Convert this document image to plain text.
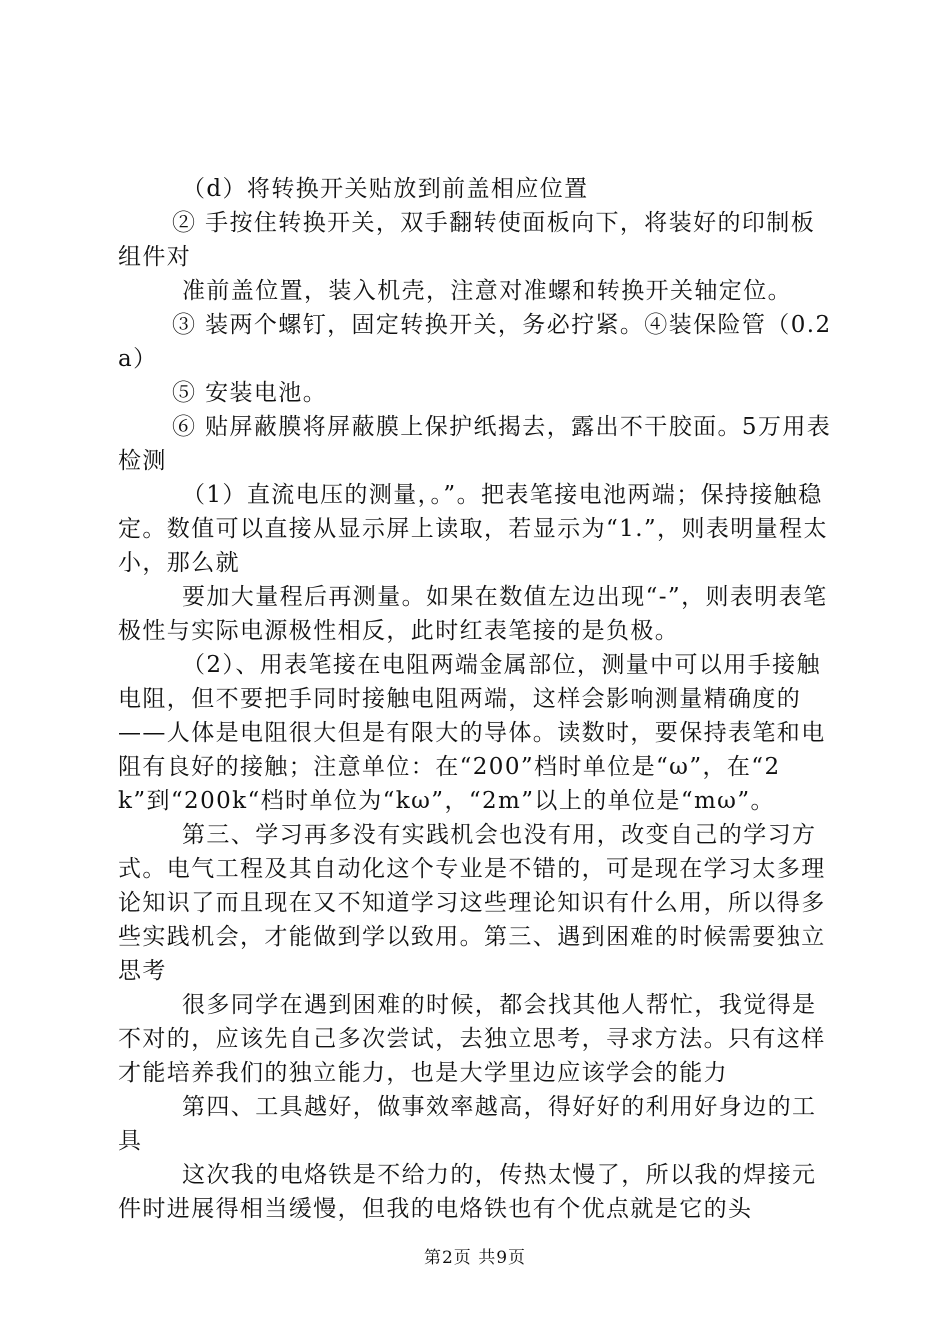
（d）将转换开关贴放到前盖相应位置

② 手按住转换开关，双手翻转使面板向下，将装好的印制板组件对

准前盖位置，装入机壳，注意对准螺和转换开关轴定位。

③ 装两个螺钉，固定转换开关，务必拧紧。④装保险管（0.2a）

⑤ 安装电池。

⑥ 贴屏蔽膜将屏蔽膜上保护纸揭去，露出不干胶面。5万用表检测

（1）直流电压的测量，。”。把表笔接电池两端；保持接触稳定。数值可以直接从显示屏上读取，若显示为“1.”，则表明量程太小，那么就

要加大量程后再测量。如果在数值左边出现“-”，则表明表笔极性与实际电源极性相反，此时红表笔接的是负极。

（2）、用表笔接在电阻两端金属部位，测量中可以用手接触电阻，但不要把手同时接触电阻两端，这样会影响测量精确度的——人体是电阻很大但是有限大的导体。读数时，要保持表笔和电阻有良好的接触；注意单位：在“200”档时单位是“ω”，在“2k”到“200k“档时单位为“kω”，“2m”以上的单位是“mω”。

第三、学习再多没有实践机会也没有用，改变自己的学习方式。电气工程及其自动化这个专业是不错的，可是现在学习太多理论知识了而且现在又不知道学习这些理论知识有什么用，所以得多些实践机会，才能做到学以致用。第三、遇到困难的时候需要独立思考

很多同学在遇到困难的时候，都会找其他人帮忙，我觉得是不对的，应该先自己多次尝试，去独立思考，寻求方法。只有这样才能培养我们的独立能力，也是大学里边应该学会的能力

第四、工具越好，做事效率越高，得好好的利用好身边的工具

这次我的电烙铁是不给力的，传热太慢了，所以我的焊接元件时进展得相当缓慢，但我的电烙铁也有个优点就是它的头

第2页 共9页
